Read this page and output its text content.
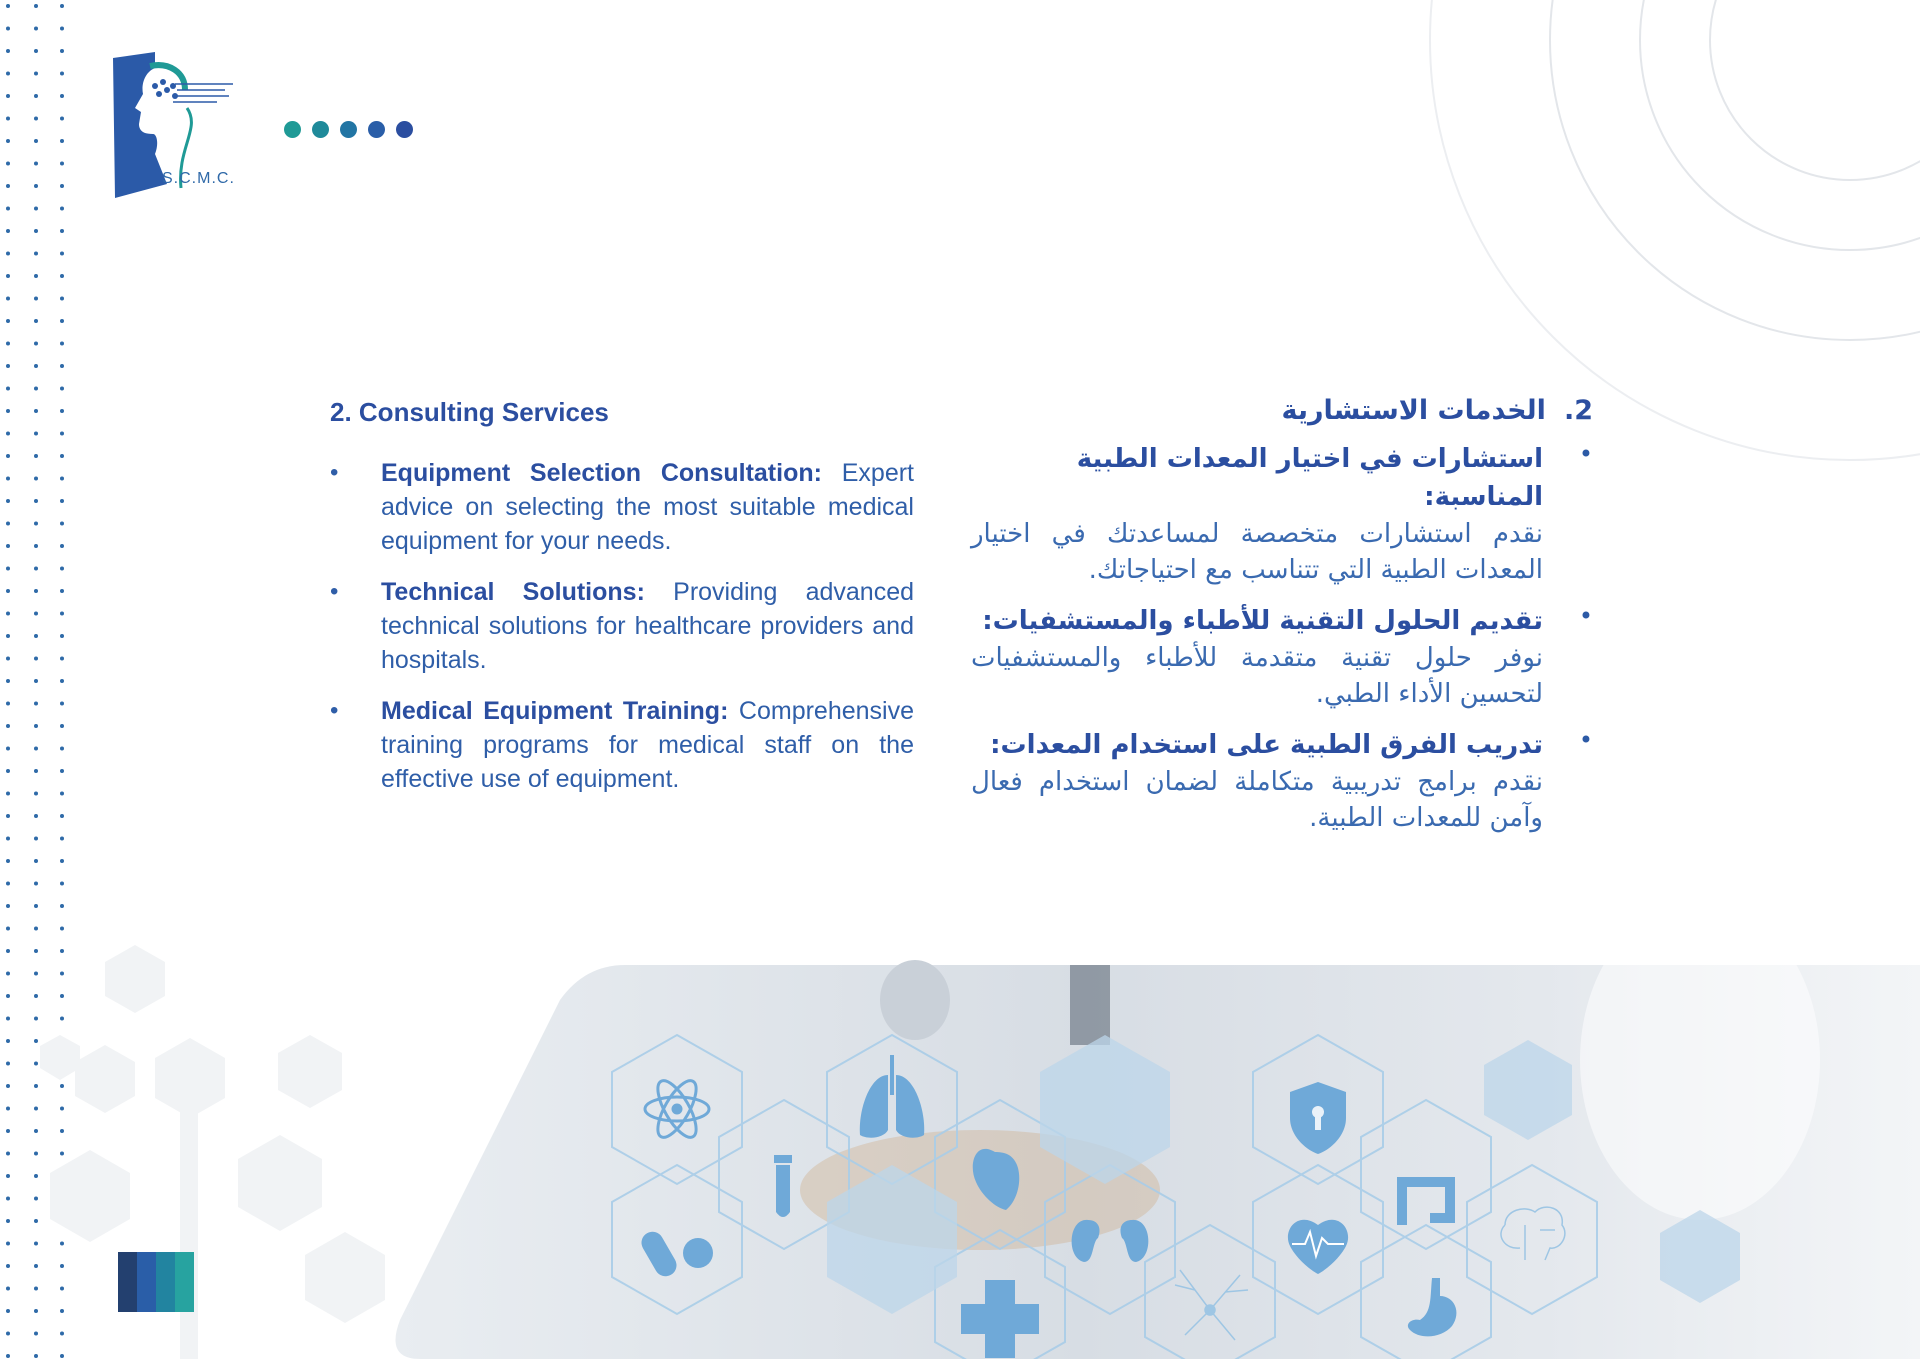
S.C.M.C.
2. Consulting Services
• Equipment Selection Consultation: Expert advice on selecting the most suitable medical equipment for your needs.
• Technical Solutions: Providing advanced technical solutions for healthcare providers and hospitals.
• Medical Equipment Training: Comprehensive training programs for medical staff on the effective use of equipment.
2.
الخدمات الاستشارية
•
استشارات في اختيار المعدات الطبية المناسبة:
نقدم استشارات متخصصة لمساعدتك في اختيار المعدات الطبية التي تتناسب مع احتياجاتك.
•
تقديم الحلول التقنية للأطباء والمستشفيات:
نوفر حلول تقنية متقدمة للأطباء والمستشفيات لتحسين الأداء الطبي.
•
تدريب الفرق الطبية على استخدام المعدات:
نقدم برامج تدريبية متكاملة لضمان استخدام فعال وآمن للمعدات الطبية.
